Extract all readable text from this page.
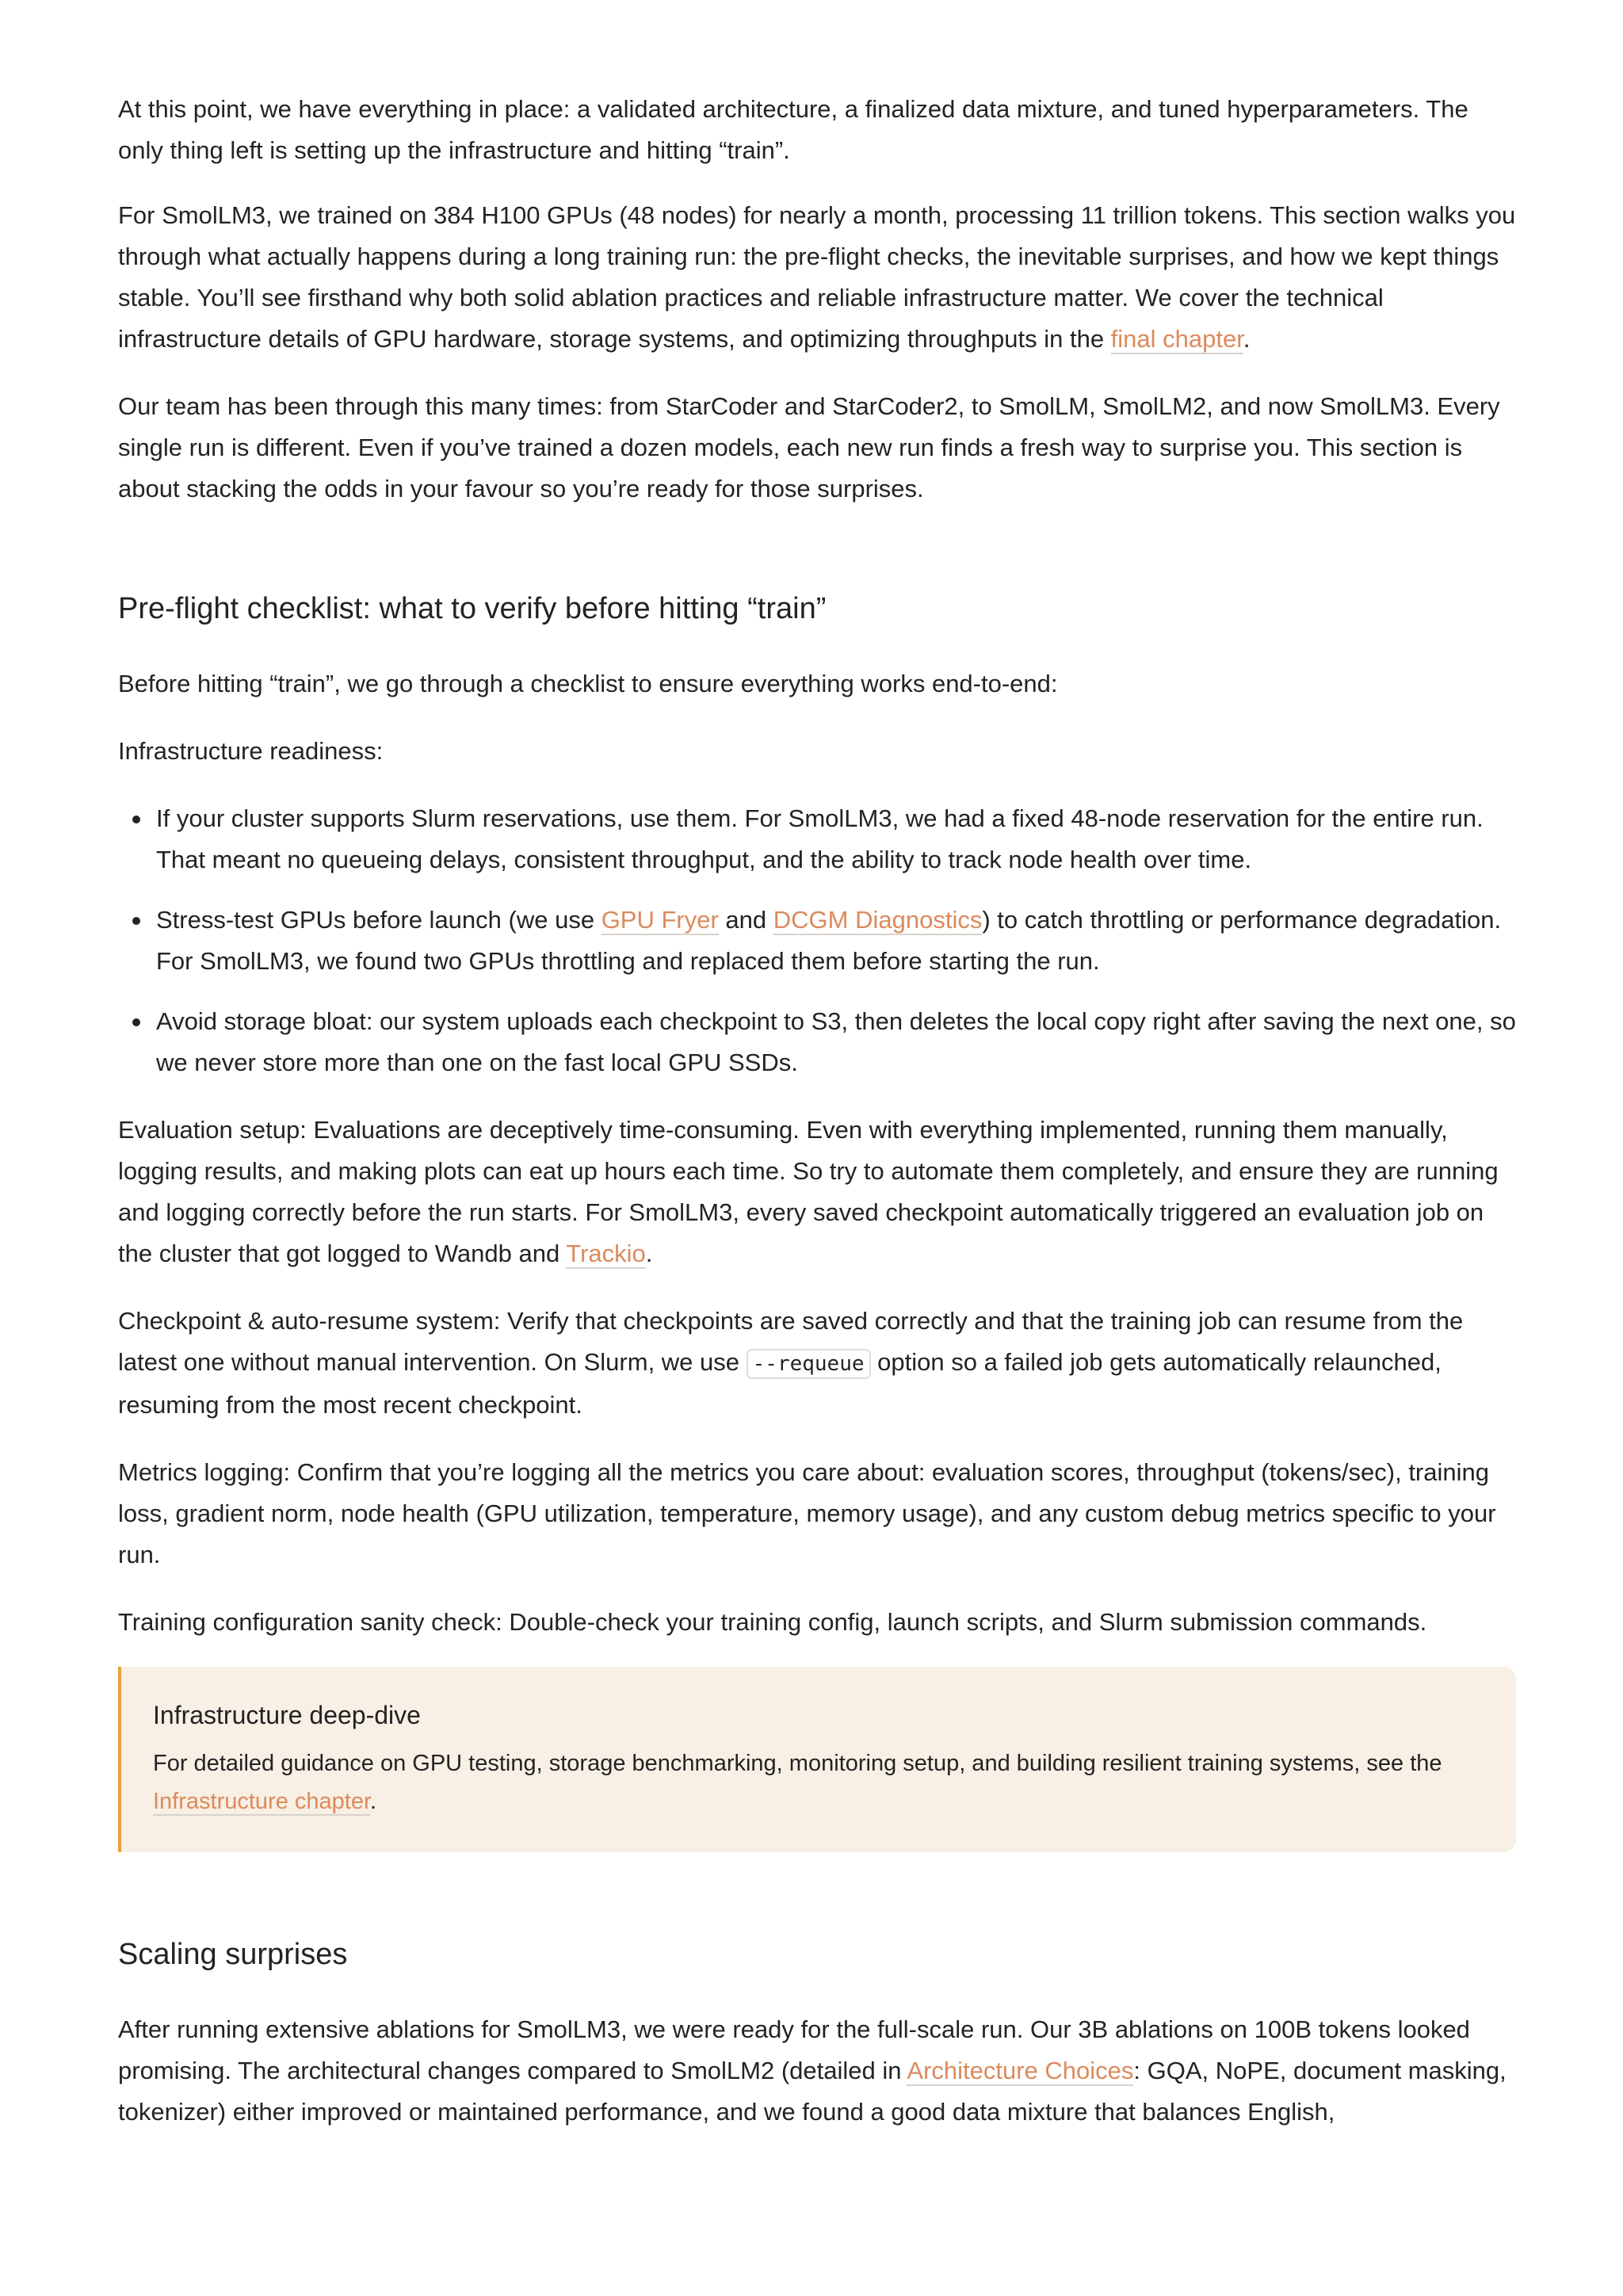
At this point, we have everything in place: a validated architecture, a finalized data mixture, and tuned hyperparameters. The only thing left is setting up the infrastructure and hitting “train”.

For SmolLM3, we trained on 384 H100 GPUs (48 nodes) for nearly a month, processing 11 trillion tokens. This section walks you through what actually happens during a long training run: the pre-flight checks, the inevitable surprises, and how we kept things stable. You’ll see firsthand why both solid ablation practices and reliable infrastructure matter. We cover the technical infrastructure details of GPU hardware, storage systems, and optimizing throughputs in the final chapter.

Our team has been through this many times: from StarCoder and StarCoder2, to SmolLM, SmolLM2, and now SmolLM3. Every single run is different. Even if you’ve trained a dozen models, each new run finds a fresh way to surprise you. This section is about stacking the odds in your favour so you’re ready for those surprises.

Pre-flight checklist: what to verify before hitting “train”

Before hitting “train”, we go through a checklist to ensure everything works end-to-end:

Infrastructure readiness:

If your cluster supports Slurm reservations, use them. For SmolLM3, we had a fixed 48-node reservation for the entire run. That meant no queueing delays, consistent throughput, and the ability to track node health over time.
Stress-test GPUs before launch (we use GPU Fryer and DCGM Diagnostics) to catch throttling or performance degradation. For SmolLM3, we found two GPUs throttling and replaced them before starting the run.
Avoid storage bloat: our system uploads each checkpoint to S3, then deletes the local copy right after saving the next one, so we never store more than one on the fast local GPU SSDs.

Evaluation setup: Evaluations are deceptively time-consuming. Even with everything implemented, running them manually, logging results, and making plots can eat up hours each time. So try to automate them completely, and ensure they are running and logging correctly before the run starts. For SmolLM3, every saved checkpoint automatically triggered an evaluation job on the cluster that got logged to Wandb and Trackio.

Checkpoint & auto-resume system: Verify that checkpoints are saved correctly and that the training job can resume from the latest one without manual intervention. On Slurm, we use --requeue option so a failed job gets automatically relaunched, resuming from the most recent checkpoint.

Metrics logging: Confirm that you’re logging all the metrics you care about: evaluation scores, throughput (tokens/sec), training loss, gradient norm, node health (GPU utilization, temperature, memory usage), and any custom debug metrics specific to your run.

Training configuration sanity check: Double-check your training config, launch scripts, and Slurm submission commands.

Infrastructure deep-dive

For detailed guidance on GPU testing, storage benchmarking, monitoring setup, and building resilient training systems, see the Infrastructure chapter.

Scaling surprises

After running extensive ablations for SmolLM3, we were ready for the full-scale run. Our 3B ablations on 100B tokens looked promising. The architectural changes compared to SmolLM2 (detailed in Architecture Choices: GQA, NoPE, document masking, tokenizer) either improved or maintained performance, and we found a good data mixture that balances English,
